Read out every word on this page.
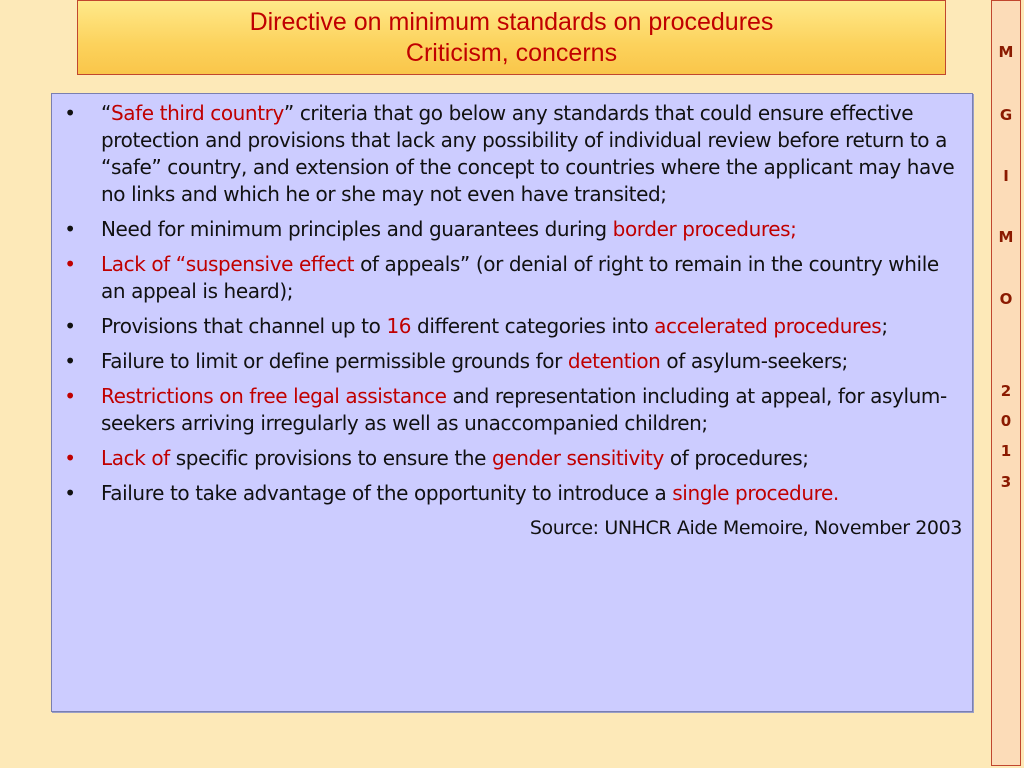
Directive on minimum standards on procedures
Criticism, concerns
• “Safe third country” criteria that go below any standards that could ensure effective protection and provisions that lack any possibility of individual review before return to a “safe” country, and extension of the concept to countries where the applicant may have no links and which he or she may not even have transited;
• Need for minimum principles and guarantees during border procedures;
• Lack of “suspensive effect of appeals” (or denial of right to remain in the country while an appeal is heard);
• Provisions that channel up to 16 different categories into accelerated procedures;
• Failure to limit or define permissible grounds for detention of asylum-seekers;
• Restrictions on free legal assistance and representation including at appeal, for asylum-seekers arriving irregularly as well as unaccompanied children;
• Lack of specific provisions to ensure the gender sensitivity of procedures;
• Failure to take advantage of the opportunity to introduce a single procedure.
Source: UNHCR Aide Memoire, November 2003
M
G
I
M
O
2
0
1
3
